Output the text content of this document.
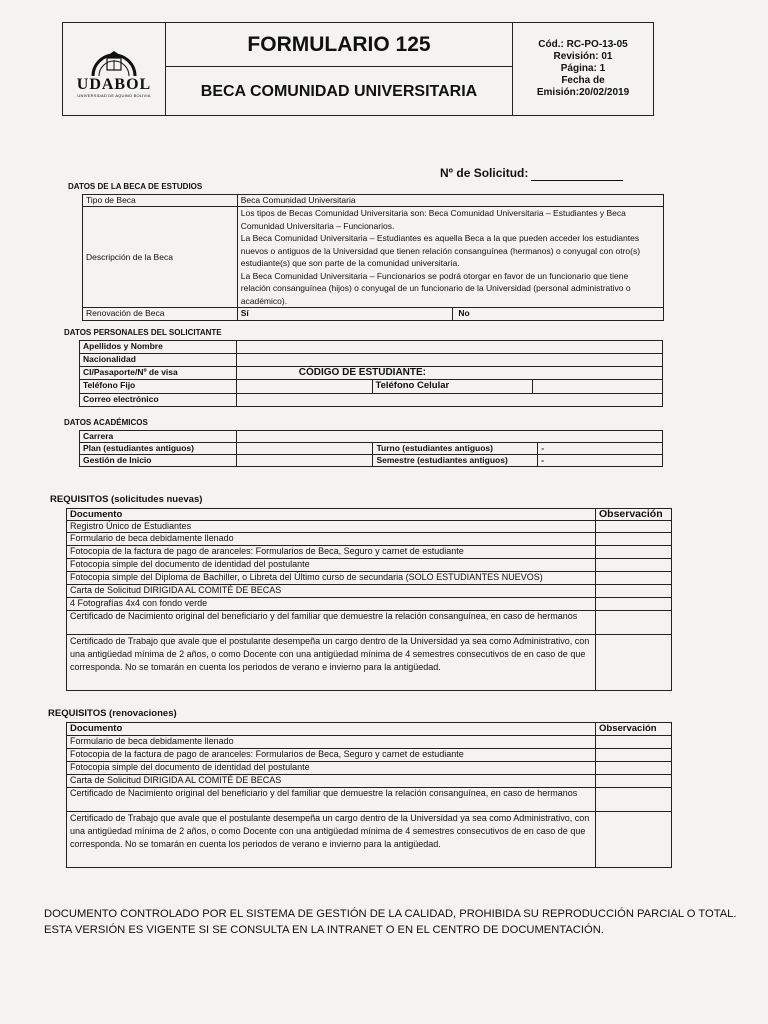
UDABOL
UNIVERSIDAD DE AQUINO BOLIVIA
	FORMULARIO 125	Cód.: RC-PO-13-05
Revisión: 01
Página: 1
Fecha de
Emisión:20/02/2019

BECA COMUNIDAD UNIVERSITARIA
Nº de Solicitud:
DATOS DE LA BECA DE ESTUDIOS
Tipo de Beca	Beca Comunidad Universitaria	
Descripción de la Beca	Los tipos de Becas Comunidad Universitaria son: Beca Comunidad Universitaria – Estudiantes y Beca Comunidad Universitaria – Funcionarios.
La Beca Comunidad Universitaria – Estudiantes es aquella Beca a la que pueden acceder los estudiantes nuevos o antiguos de la Universidad que tienen relación consanguínea (hermanos) o conyugal con otro(s) estudiante(s) que son parte de la comunidad universitaria.
La Beca Comunidad Universitaria – Funcionarios se podrá otorgar en favor de un funcionario que tiene relación consanguínea (hijos) o conyugal de un funcionario de la Universidad (personal administrativo o académico).	

Renovación de Beca	Sí	No
DATOS PERSONALES DEL SOLICITANTE
Apellidos y Nombre			
Nacionalidad			
CI/Pasaporte/Nº de visa	CÓDIGO DE ESTUDIANTE:		
Teléfono Fijo		Teléfono Celular	
Correo electrónico			
DATOS ACADÉMICOS
Carrera			
Plan (estudiantes antiguos)		Turno (estudiantes antiguos)	-
Gestión de Inicio		Semestre (estudiantes antiguos)	-
REQUISITOS (solicitudes nuevas)
Documento	Observación
Registro Único de Estudiantes	
Formulario de beca debidamente llenado	
Fotocopia de la factura de pago de aranceles: Formularios de Beca, Seguro y carnet de estudiante	
Fotocopia simple del documento de identidad del postulante	
Fotocopia simple del Diploma de Bachiller, o Libreta del Último curso de secundaria (SOLO ESTUDIANTES NUEVOS)	
Carta de Solicitud DIRIGIDA AL COMITÉ DE BECAS	
4 Fotografías 4x4 con fondo verde	
Certificado de Nacimiento original del beneficiario y del familiar que demuestre la relación consanguínea, en caso de hermanos	
Certificado de Trabajo que avale que el postulante desempeña un cargo dentro de la Universidad ya sea como Administrativo, con una antigüedad mínima de 2 años, o como Docente con una antigüedad mínima de 4 semestres consecutivos de en caso de que corresponda. No se tomarán en cuenta los periodos de verano e invierno para la antigüedad.	
REQUISITOS (renovaciones)
Documento	Observación
Formulario de beca debidamente llenado	
Fotocopia de la factura de pago de aranceles: Formularios de Beca, Seguro y carnet de estudiante	
Fotocopia simple del documento de identidad del postulante	
Carta de Solicitud DIRIGIDA AL COMITÉ DE BECAS	
Certificado de Nacimiento original del beneficiario y del familiar que demuestre la relación consanguínea, en caso de hermanos	
Certificado de Trabajo que avale que el postulante desempeña un cargo dentro de la Universidad ya sea como Administrativo, con una antigüedad mínima de 2 años, o como Docente con una antigüedad mínima de 4 semestres consecutivos de en caso de que corresponda. No se tomarán en cuenta los periodos de verano e invierno para la antigüedad.	
DOCUMENTO CONTROLADO POR EL SISTEMA DE GESTIÓN DE LA CALIDAD, PROHIBIDA SU REPRODUCCIÓN PARCIAL O TOTAL.
ESTA VERSIÓN ES VIGENTE SI SE CONSULTA EN LA INTRANET O EN EL CENTRO DE DOCUMENTACIÓN.
